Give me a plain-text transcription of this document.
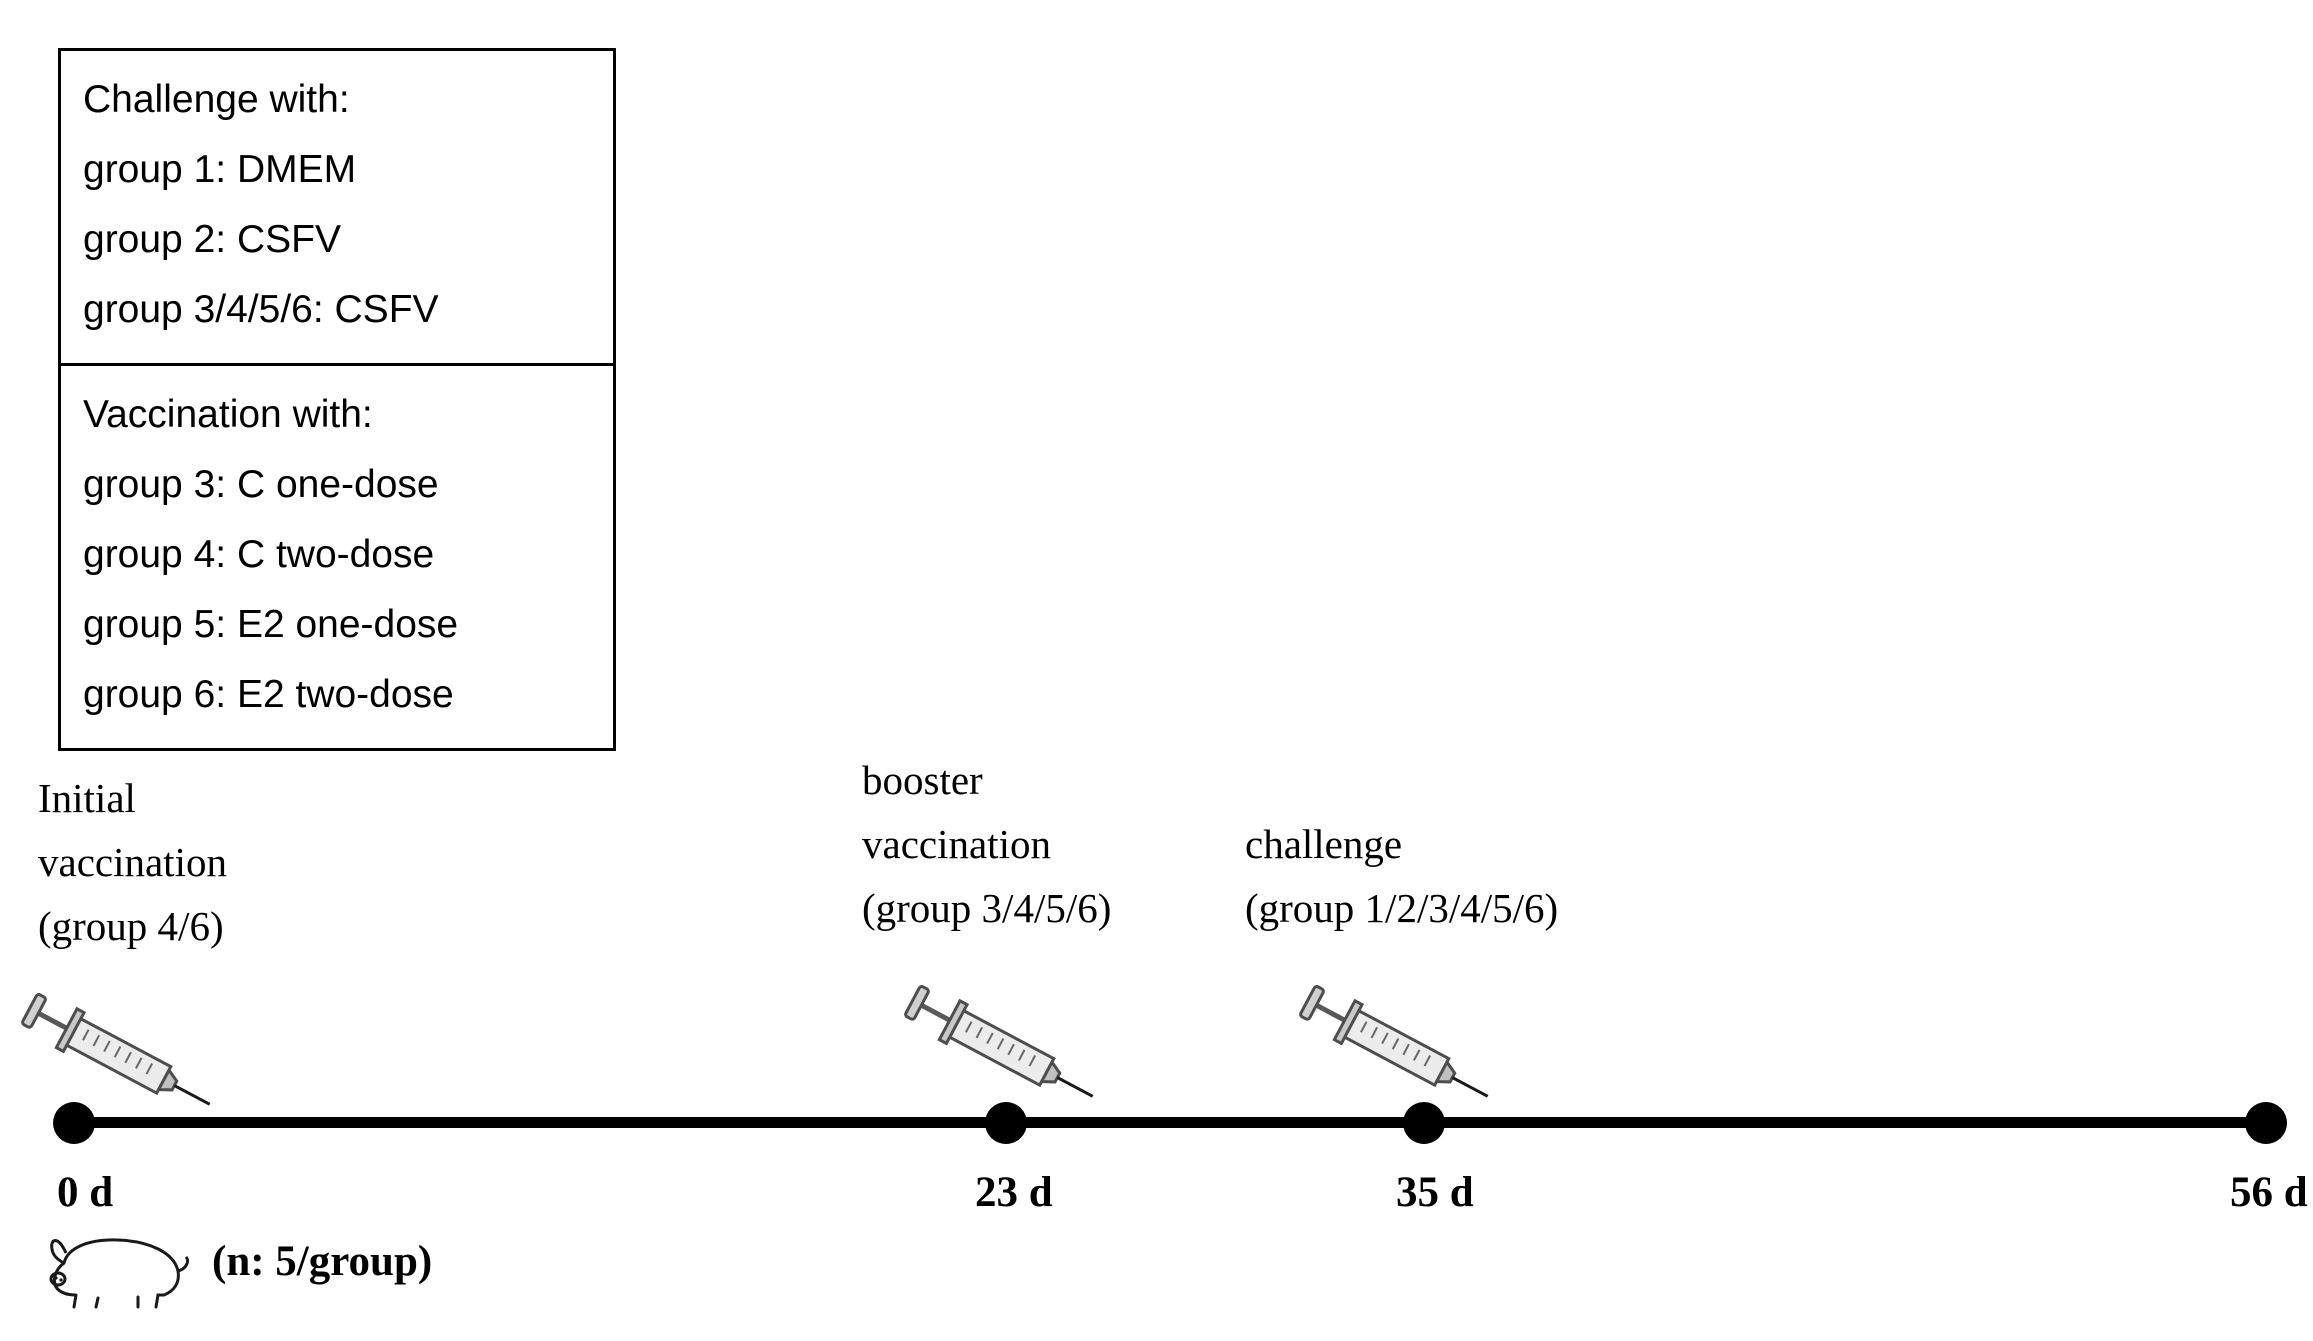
Challenge with:
group 1: DMEM
group 2: CSFV
group 3/4/5/6: CSFV
Vaccination with:
group 3: C one-dose
group 4: C two-dose
group 5: E2 one-dose
group 6: E2 two-dose
Initial
vaccination
(group 4/6)
booster
vaccination
(group 3/4/5/6)
challenge
(group 1/2/3/4/5/6)
0 d	23 d	35 d	56 d
(n: 5/group)
